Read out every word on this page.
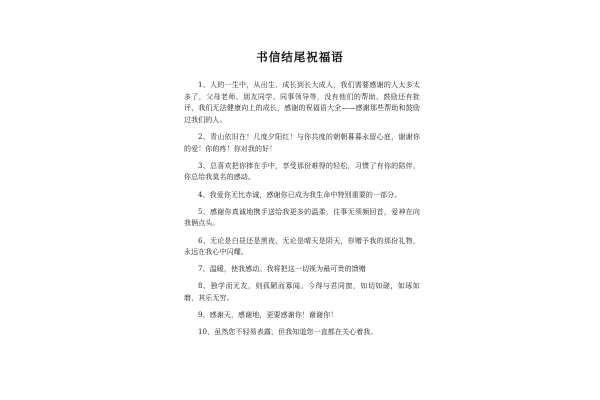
书信结尾祝福语

1、人的一生中，从出生、成长到长大成人，我们需要感谢的人太多太多了，父母老师、朋友同学、同事领导等，没有他们的帮助、鼓励还有批评，我们无法健康向上的成长，感谢的祝福语大全——感谢那些帮助和鼓励过我们的人。

2、青山依旧在！几度夕阳红！与你共度的朝朝暮暮永留心底，谢谢你的爱！你的疼！你对我的好！

3、总喜欢把你捧在手中，享受那份难得的轻松，习惯了有你的陪伴，你总给我莫名的感动。

4、我爱你无比赤诚，感谢你已成为我生命中特别重要的一部分。

5、感谢你真诚地携手送给我更多的温柔，往事无须频回首，爱神在向我俩点头。

6、无论是白昼还是黑夜，无论是晴天是阴天，你赠予我的那份礼物，永远在我心中闪耀。

7、温暖，使我感动。我将把这一切视为最可贵的馈赠

8、独学而无友，则孤陋而寡闻。今得与君同窗，如切如磋，如琢如磨，其乐无穷。

9、感谢天，感谢地，更要感谢你！谢谢你！

10、虽然您不轻易表露，但我知道您一直都在关心着我。
